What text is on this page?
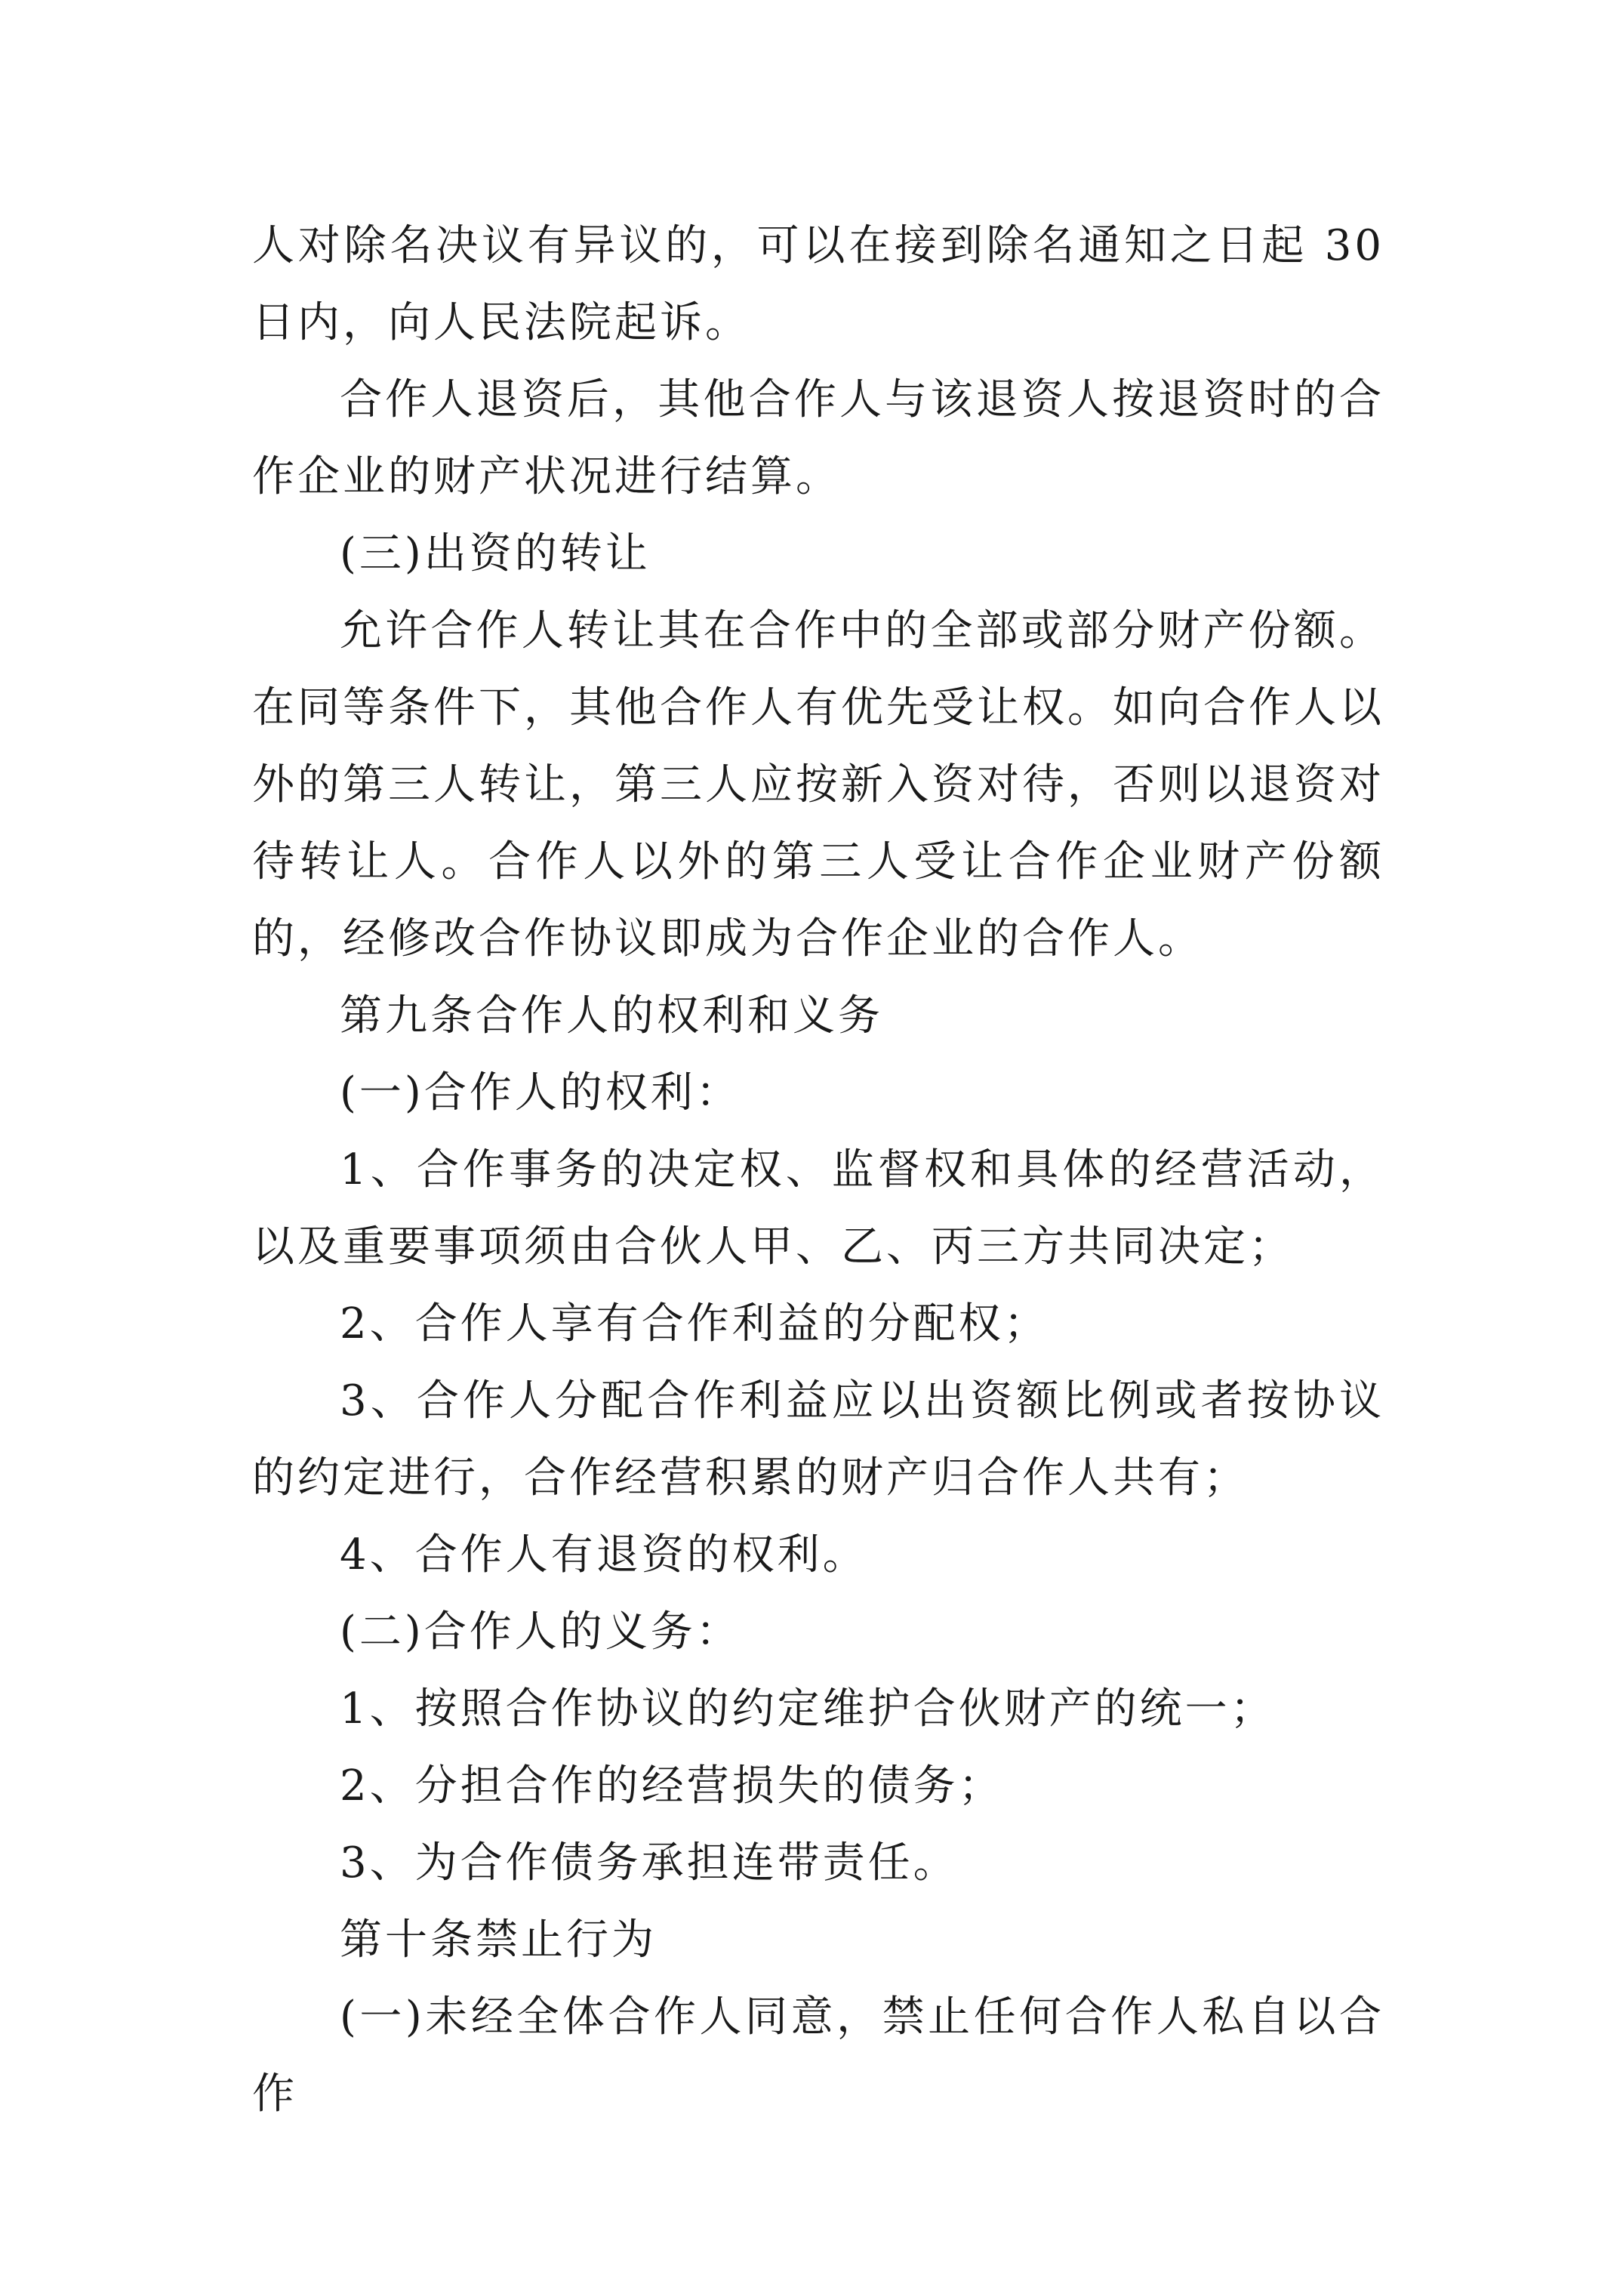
人对除名决议有异议的，可以在接到除名通知之日起 30 日内，向人民法院起诉。

合作人退资后，其他合作人与该退资人按退资时的合作企业的财产状况进行结算。

(三)出资的转让

允许合作人转让其在合作中的全部或部分财产份额。在同等条件下，其他合作人有优先受让权。如向合作人以外的第三人转让，第三人应按新入资对待，否则以退资对待转让人。合作人以外的第三人受让合作企业财产份额的，经修改合作协议即成为合作企业的合作人。

第九条合作人的权利和义务

(一)合作人的权利：

1、合作事务的决定权、监督权和具体的经营活动，以及重要事项须由合伙人甲、乙、丙三方共同决定；

2、合作人享有合作利益的分配权；

3、合作人分配合作利益应以出资额比例或者按协议的约定进行，合作经营积累的财产归合作人共有；

4、合作人有退资的权利。

(二)合作人的义务：

1、按照合作协议的约定维护合伙财产的统一；

2、分担合作的经营损失的债务；

3、为合作债务承担连带责任。

第十条禁止行为

(一)未经全体合作人同意，禁止任何合作人私自以合作
